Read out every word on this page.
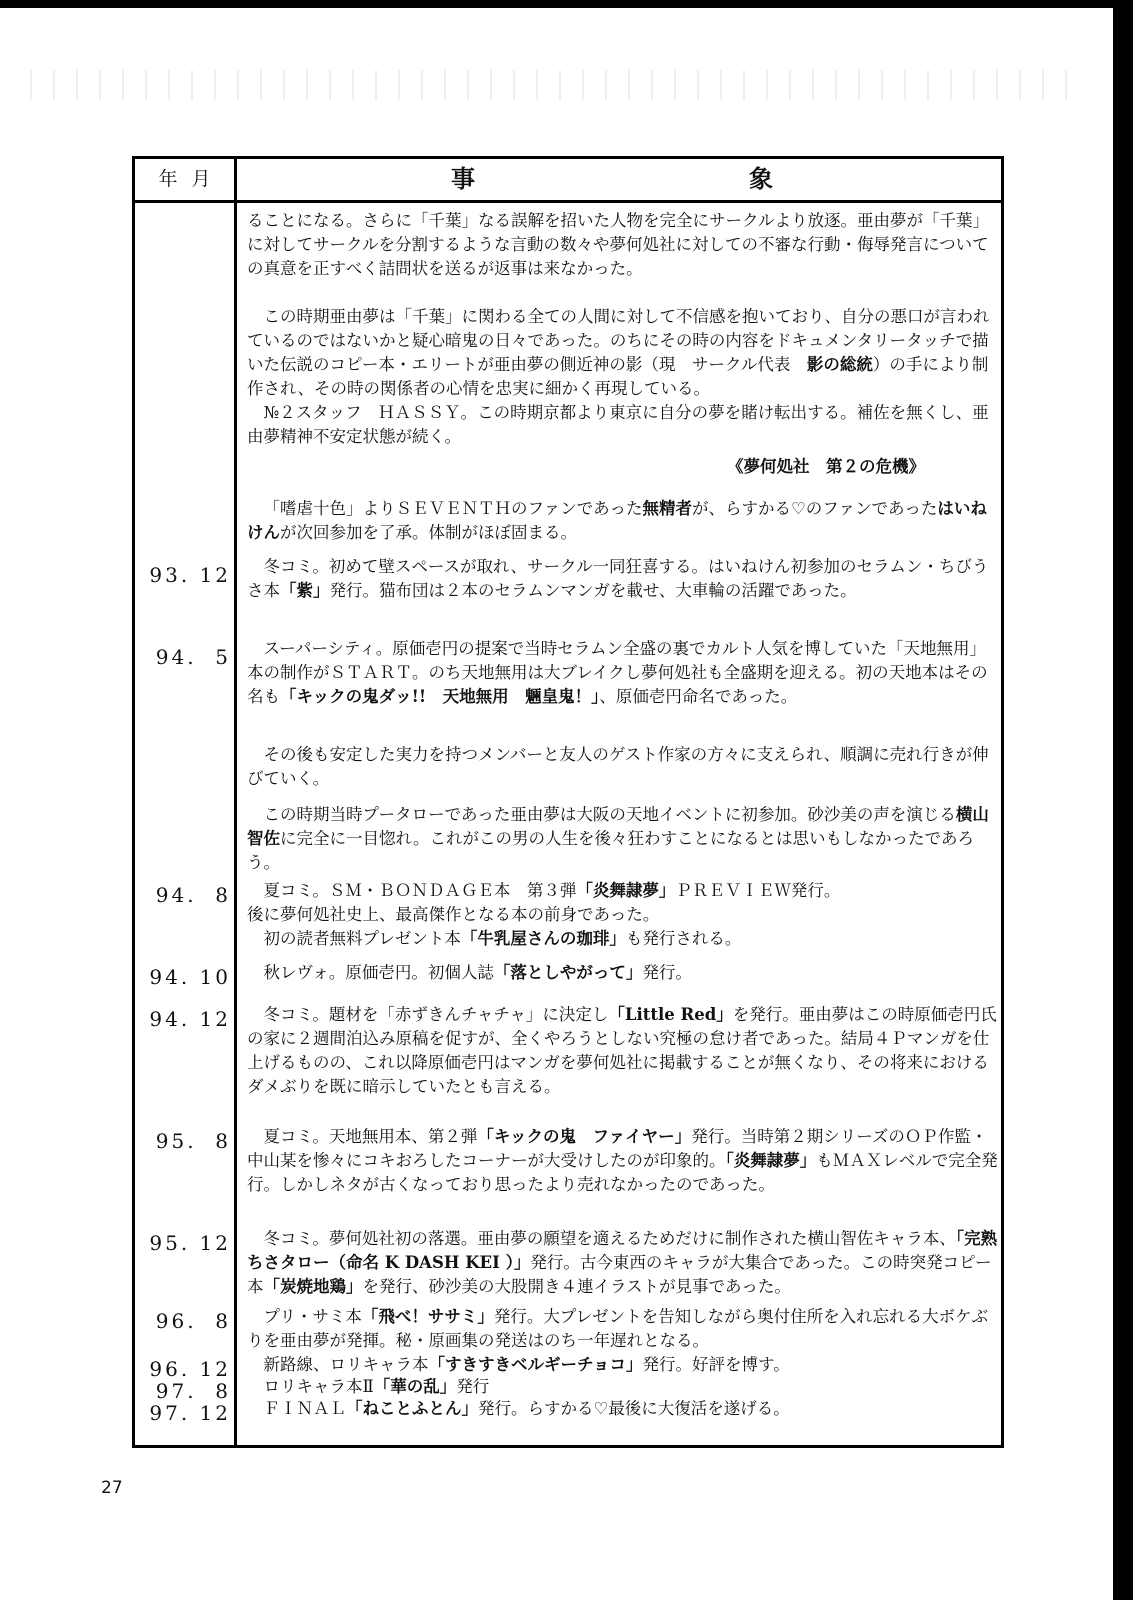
年月	事	象

ることになる。さらに「千葉」なる誤解を招いた人物を完全にサークルより放逐。亜由夢が「千葉」に対してサークルを分割するような言動の数々や夢何処社に対しての不審な行動・侮辱発言についての真意を正すべく詰問状を送るが返事は来なかった。

この時期亜由夢は「千葉」に関わる全ての人間に対して不信感を抱いており、自分の悪口が言われているのではないかと疑心暗鬼の日々であった。のちにその時の内容をドキュメンタリータッチで描いた伝説のコピー本・エリートが亜由夢の側近神の影（現　サークル代表　影の総統）の手により制作され、その時の関係者の心情を忠実に細かく再現している。

№２スタッフ　ＨＡＳＳＹ。この時期京都より東京に自分の夢を賭け転出する。補佐を無くし、亜由夢精神不安定状態が続く。

《夢何処社　第２の危機》

「嗜虐十色」よりＳＥＶＥＮＴＨのファンであった無精者が、らすかる♡のファンであったはいねけんが次回参加を了承。体制がほぼ固まる。

93. 12	冬コミ。初めて壁スペースが取れ、サークル一同狂喜する。はいねけん初参加のセラムン・ちびうさ本「紫」発行。猫布団は２本のセラムンマンガを載せ、大車輪の活躍であった。

94.  5	スーパーシティ。原価壱円の提案で当時セラムン全盛の裏でカルト人気を博していた「天地無用」本の制作がＳＴＡＲＴ。のち天地無用は大ブレイクし夢何処社も全盛期を迎える。初の天地本はその名も「キックの鬼ダッ!!　天地無用　魎皇鬼！」、原価壱円命名であった。

その後も安定した実力を持つメンバーと友人のゲスト作家の方々に支えられ、順調に売れ行きが伸びていく。

この時期当時プータローであった亜由夢は大阪の天地イベントに初参加。砂沙美の声を演じる横山智佐に完全に一目惚れ。これがこの男の人生を後々狂わすことになるとは思いもしなかったであろう。

94.  8	夏コミ。ＳＭ・ＢＯＮＤＡＧＥ本　第３弾「炎舞隷夢」ＰＲＥＶＩＥＷ発行。
後に夢何処社史上、最高傑作となる本の前身であった。
初の読者無料プレゼント本「牛乳屋さんの珈琲」も発行される。

94. 10	秋レヴォ。原価壱円。初個人誌「落としやがって」発行。

94. 12	冬コミ。題材を「赤ずきんチャチャ」に決定し「Little Red」を発行。亜由夢はこの時原価壱円氏の家に２週間泊込み原稿を促すが、全くやろうとしない究極の怠け者であった。結局４Ｐマンガを仕上げるものの、これ以降原価壱円はマンガを夢何処社に掲載することが無くなり、その将来におけるダメぶりを既に暗示していたとも言える。

95.  8	夏コミ。天地無用本、第２弾「キックの鬼　ファイヤー」発行。当時第２期シリーズのＯＰ作監・中山某を惨々にコキおろしたコーナーが大受けしたのが印象的。「炎舞隷夢」もＭＡＸレベルで完全発行。しかしネタが古くなっており思ったより売れなかったのであった。

95. 12	冬コミ。夢何処社初の落選。亜由夢の願望を適えるためだけに制作された横山智佐キャラ本、「完熟ちさタロー（命名 K DASH KEI ）」発行。古今東西のキャラが大集合であった。この時突発コピー本「炭焼地鶏」を発行、砂沙美の大股開き４連イラストが見事であった。

96.  8	プリ・サミ本「飛べ！ササミ」発行。大プレゼントを告知しながら奥付住所を入れ忘れる大ボケぶりを亜由夢が発揮。秘・原画集の発送はのち一年遅れとなる。

96. 12	新路線、ロリキャラ本「すきすきベルギーチョコ」発行。好評を博す。

97.  8	ロリキャラ本Ⅱ「華の乱」発行

97. 12	ＦＩＮＡＬ「ねことふとん」発行。らすかる♡最後に大復活を遂げる。

27
